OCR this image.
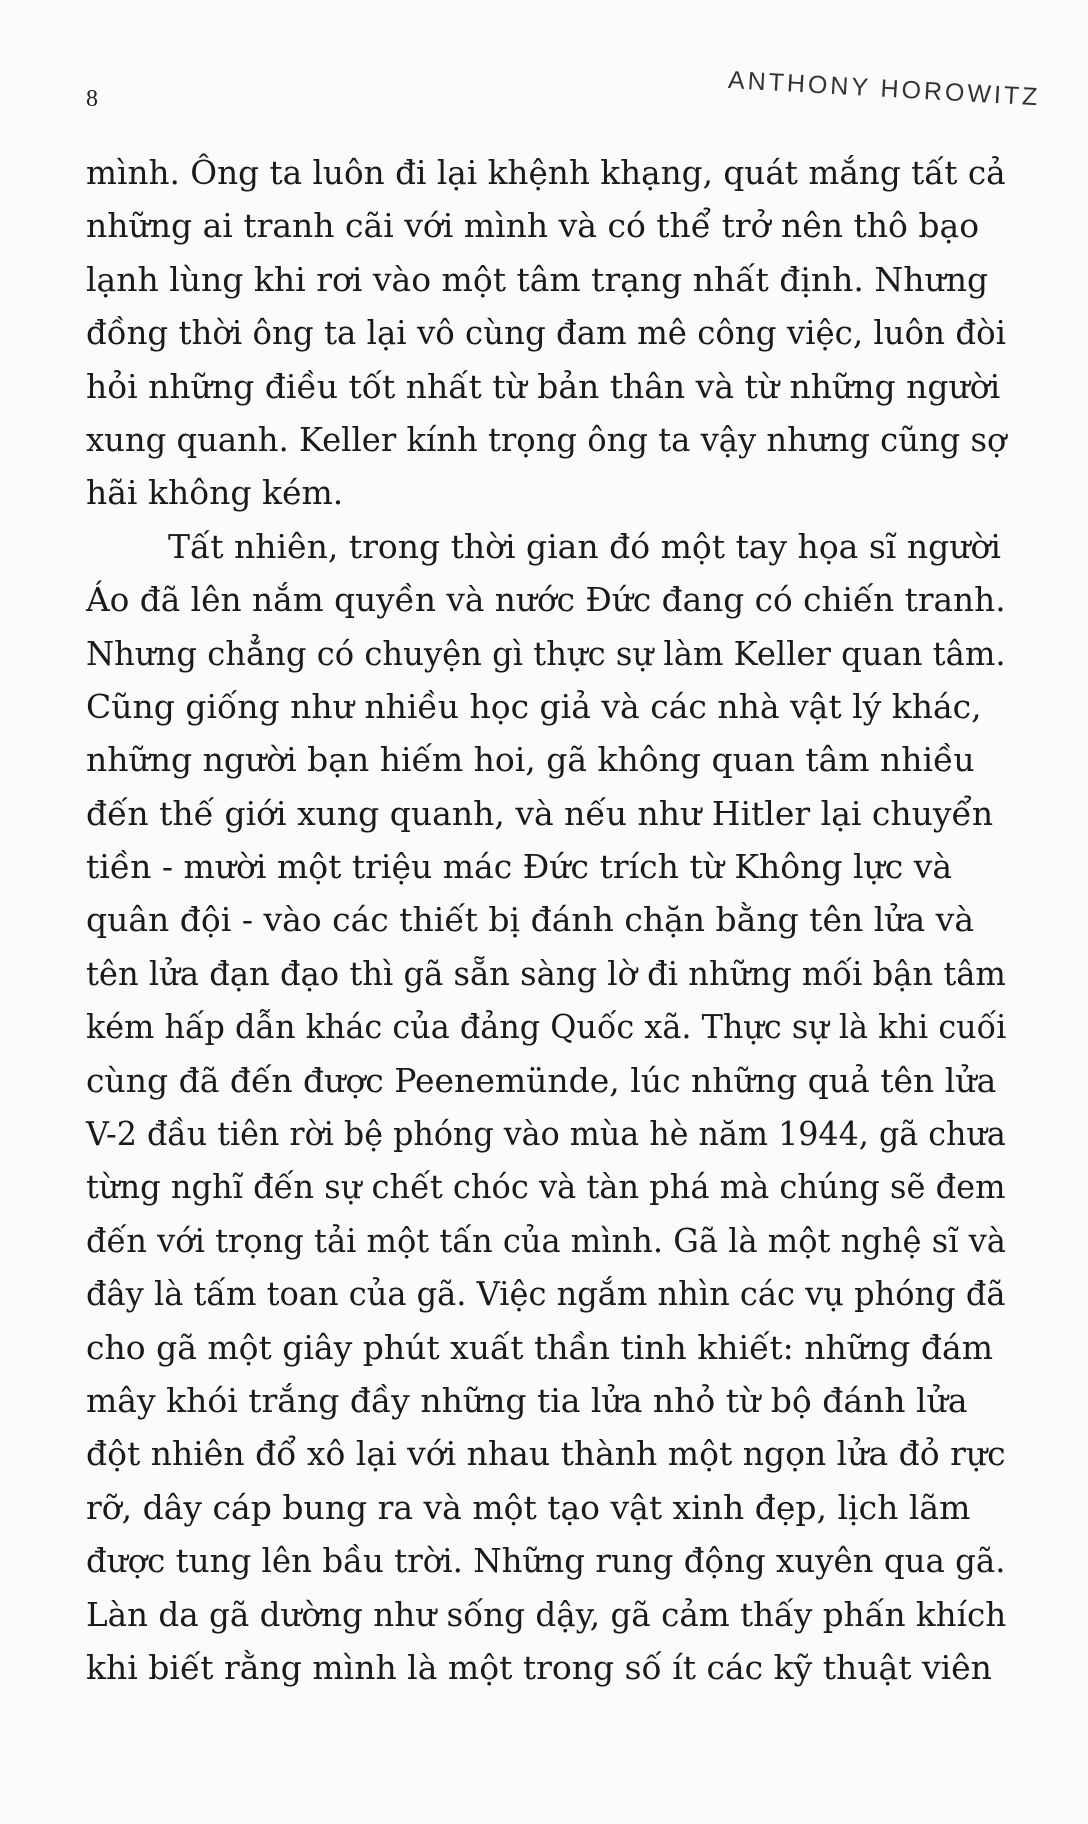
8	ANTHONY HOROWITZ
mình. Ông ta luôn đi lại khệnh khạng, quát mắng tất cả
những ai tranh cãi với mình và có thể trở nên thô bạo
lạnh lùng khi rơi vào một tâm trạng nhất định. Nhưng
đồng thời ông ta lại vô cùng đam mê công việc, luôn đòi
hỏi những điều tốt nhất từ bản thân và từ những người
xung quanh. Keller kính trọng ông ta vậy nhưng cũng sợ
hãi không kém.
Tất nhiên, trong thời gian đó một tay họa sĩ người
Áo đã lên nắm quyền và nước Đức đang có chiến tranh.
Nhưng chẳng có chuyện gì thực sự làm Keller quan tâm.
Cũng giống như nhiều học giả và các nhà vật lý khác,
những người bạn hiếm hoi, gã không quan tâm nhiều
đến thế giới xung quanh, và nếu như Hitler lại chuyển
tiền - mười một triệu mác Đức trích từ Không lực và
quân đội - vào các thiết bị đánh chặn bằng tên lửa và
tên lửa đạn đạo thì gã sẵn sàng lờ đi những mối bận tâm
kém hấp dẫn khác của đảng Quốc xã. Thực sự là khi cuối
cùng đã đến được Peenemünde, lúc những quả tên lửa
V-2 đầu tiên rời bệ phóng vào mùa hè năm 1944, gã chưa
từng nghĩ đến sự chết chóc và tàn phá mà chúng sẽ đem
đến với trọng tải một tấn của mình. Gã là một nghệ sĩ và
đây là tấm toan của gã. Việc ngắm nhìn các vụ phóng đã
cho gã một giây phút xuất thần tinh khiết: những đám
mây khói trắng đầy những tia lửa nhỏ từ bộ đánh lửa
đột nhiên đổ xô lại với nhau thành một ngọn lửa đỏ rực
rỡ, dây cáp bung ra và một tạo vật xinh đẹp, lịch lãm
được tung lên bầu trời. Những rung động xuyên qua gã.
Làn da gã dường như sống dậy, gã cảm thấy phấn khích
khi biết rằng mình là một trong số ít các kỹ thuật viên
